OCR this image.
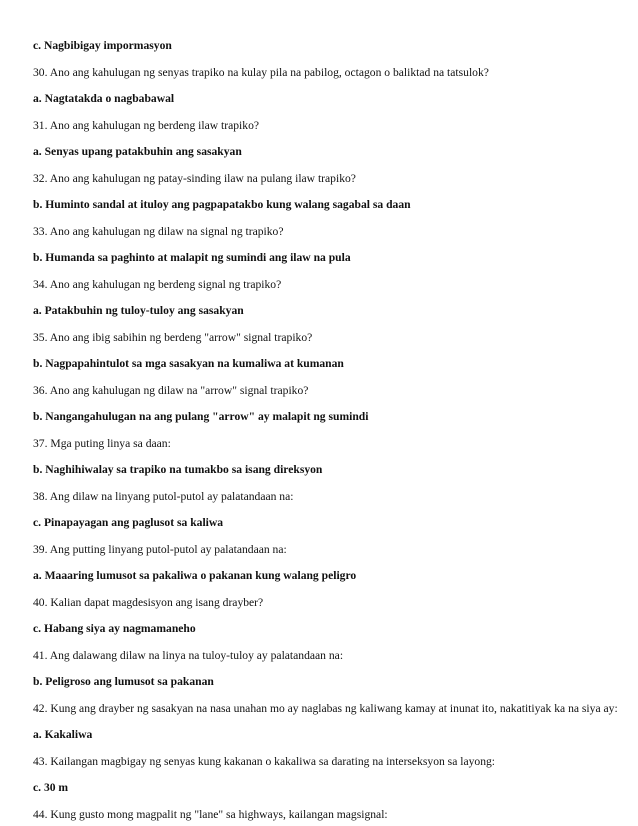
c. Nagbibigay impormasyon
30. Ano ang kahulugan ng senyas trapiko na kulay pila na pabilog, octagon o baliktad na tatsulok?
a. Nagtatakda o nagbabawal
31. Ano ang kahulugan ng berdeng ilaw trapiko?
a. Senyas upang patakbuhin ang sasakyan
32. Ano ang kahulugan ng patay-sinding ilaw na pulang ilaw trapiko?
b. Huminto sandal at ituloy ang pagpapatakbo kung walang sagabal sa daan
33. Ano ang kahulugan ng dilaw na signal ng trapiko?
b. Humanda sa paghinto at malapit ng sumindi ang ilaw na pula
34. Ano ang kahulugan ng berdeng signal ng trapiko?
a. Patakbuhin ng tuloy-tuloy ang sasakyan
35. Ano ang ibig sabihin ng berdeng "arrow" signal trapiko?
b. Nagpapahintulot sa mga sasakyan na kumaliwa at kumanan
36. Ano ang kahulugan ng dilaw na "arrow" signal trapiko?
b. Nangangahulugan na ang pulang "arrow" ay malapit ng sumindi
37. Mga puting linya sa daan:
b. Naghihiwalay sa trapiko na tumakbo sa isang direksyon
38. Ang dilaw na linyang putol-putol ay palatandaan na:
c. Pinapayagan ang paglusot sa kaliwa
39. Ang putting linyang putol-putol ay palatandaan na:
a. Maaaring lumusot sa pakaliwa o pakanan kung walang peligro
40. Kalian dapat magdesisyon ang isang drayber?
c. Habang siya ay nagmamaneho
41. Ang dalawang dilaw na linya na tuloy-tuloy ay palatandaan na:
b. Peligroso ang lumusot sa pakanan
42. Kung ang drayber ng sasakyan na nasa unahan mo ay naglabas ng kaliwang kamay at inunat ito, nakatitiyak ka na siya ay:
a. Kakaliwa
43. Kailangan magbigay ng senyas kung kakanan o kakaliwa sa darating na interseksyon sa layong:
c. 30 m
44. Kung gusto mong magpalit ng "lane" sa highways, kailangan magsignal:
